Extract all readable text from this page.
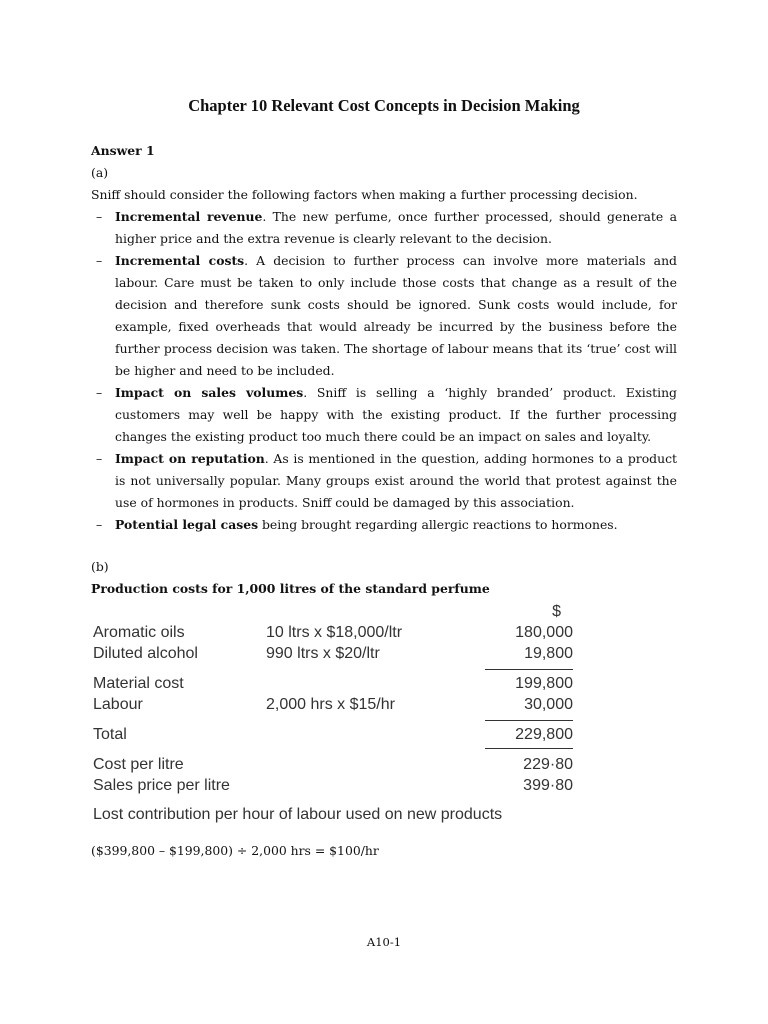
Chapter 10 Relevant Cost Concepts in Decision Making
Answer 1
(a)
Sniff should consider the following factors when making a further processing decision.
– Incremental revenue. The new perfume, once further processed, should generate a higher price and the extra revenue is clearly relevant to the decision.
– Incremental costs. A decision to further process can involve more materials and labour. Care must be taken to only include those costs that change as a result of the decision and therefore sunk costs should be ignored. Sunk costs would include, for example, fixed overheads that would already be incurred by the business before the further process decision was taken. The shortage of labour means that its ‘true’ cost will be higher and need to be included.
– Impact on sales volumes. Sniff is selling a ‘highly branded’ product. Existing customers may well be happy with the existing product. If the further processing changes the existing product too much there could be an impact on sales and loyalty.
– Impact on reputation. As is mentioned in the question, adding hormones to a product is not universally popular. Many groups exist around the world that protest against the use of hormones in products. Sniff could be damaged by this association.
– Potential legal cases being brought regarding allergic reactions to hormones.
(b)
Production costs for 1,000 litres of the standard perfume
$
Aromatic oils	10 ltrs x $18,000/ltr	180,000
Diluted alcohol	990 ltrs x $20/ltr	19,800
Material cost	199,800
Labour	2,000 hrs x $15/hr	30,000
Total	229,800
Cost per litre	229·80
Sales price per litre	399·80
Lost contribution per hour of labour used on new products
($399,800 – $199,800) ÷ 2,000 hrs = $100/hr
A10-1
